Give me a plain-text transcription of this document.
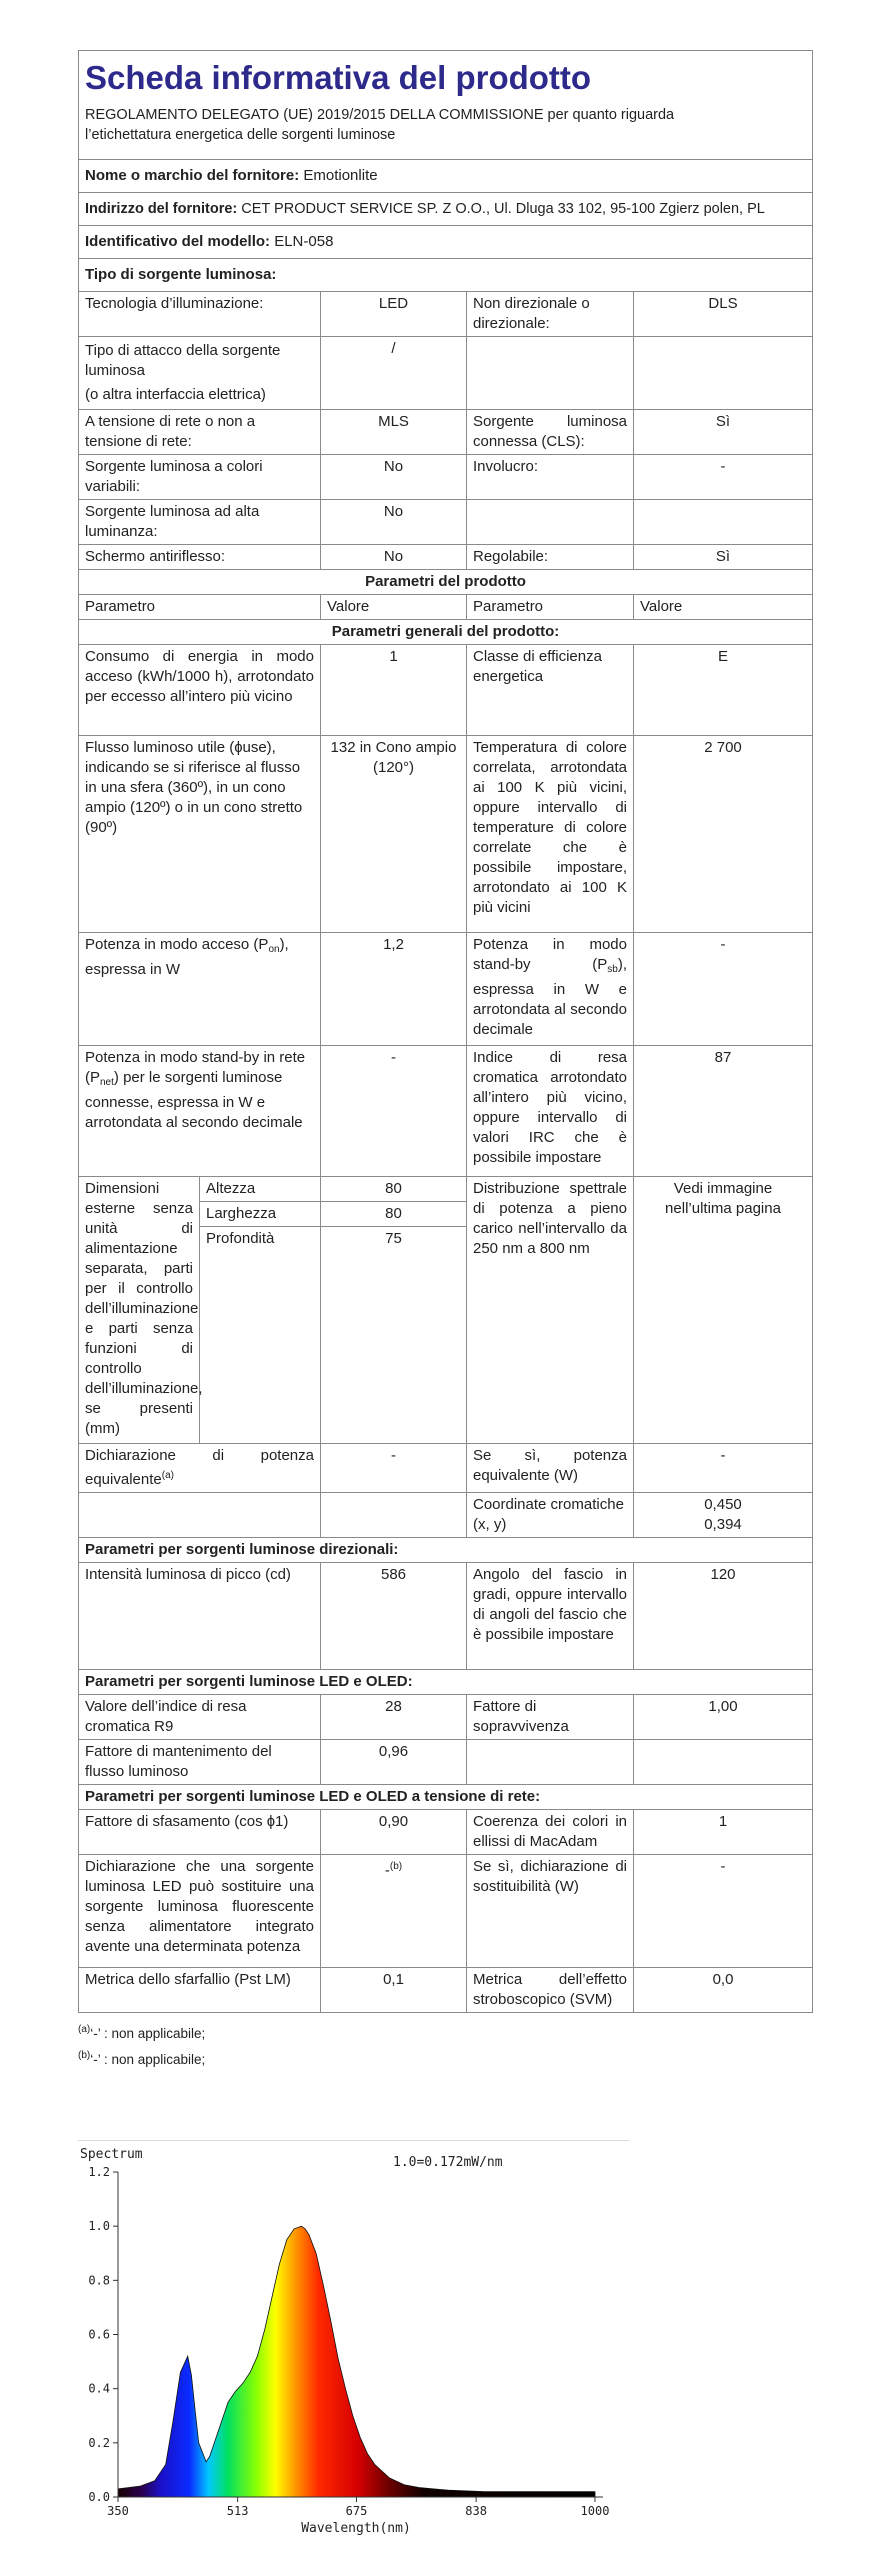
Scheda informativa del prodotto
REGOLAMENTO DELEGATO (UE) 2019/2015 DELLA COMMISSIONE per quanto riguarda
l’etichettatura energetica delle sorgenti luminose				

Nome o marchio del fornitore: Emotionlite				
Indirizzo del fornitore: CET PRODUCT SERVICE SP. Z O.O., Ul. Dluga 33 102, 95-100 Zgierz polen, PL				
Identificativo del modello: ELN-058				
Tipo di sorgente luminosa:				
Tecnologia d’illuminazione:		LED	Non direzionale o direzionale:	DLS

Tipo di attacco della sorgente luminosa
(o altra interfaccia elettrica)		/		
A tensione di rete o non a tensione di rete:		MLS	Sorgente luminosa connessa (CLS):	Sì
Sorgente luminosa a colori variabili:		No	Involucro:	-
Sorgente luminosa ad alta luminanza:		No		
Schermo antiriflesso:		No	Regolabile:	Sì
Parametri del prodotto				
Parametro		Valore	Parametro	Valore
Parametri generali del prodotto:				
Consumo di energia in modo acceso (kWh/1000 h), arrotondato per eccesso all’intero più vicino		1	Classe di efficienza energetica	E
Flusso luminoso utile (ɸuse), indicando se si riferisce al flusso in una sfera (360º), in un cono ampio (120º) o in un cono stretto (90º)		132 in Cono ampio (120°)	Temperatura di colore correlata, arrotondata ai 100 K più vicini, oppure intervallo di temperature di colore correlate che è possibile impostare, arrotondato ai 100 K più vicini	2 700
Potenza in modo acceso $(P_{on})$, espressa in W		1,2	Potenza in modo stand-by $(P_{sb})$, espressa in W e arrotondata al secondo decimale	-
Potenza in modo stand-by in rete $(P_{net})$ per le sorgenti luminose connesse, espressa in W e arrotondata al secondo decimale		-	Indice di resa cromatica arrotondato all’intero più vicino, oppure intervallo di valori IRC che è possibile impostare	87
Dimensioni esterne senza unità di alimentazione separata, parti per il controllo dell’illuminazione e parti senza funzioni di controllo dell’illuminazione, se presenti (mm)	Altezza	80	Distribuzione spettrale di potenza a pieno carico nell’intervallo da 250 nm a 800 nm	Vedi immagine nell’ultima pagina
	Larghezza	80		
	Profondità	75		
Dichiarazione di potenza equivalente$^{(a)}$		-	Se sì, potenza equivalente (W)	-
			Coordinate cromatiche (x, y)	0,450
0,394

Parametri per sorgenti luminose direzionali:				
Intensità luminosa di picco (cd)		586	Angolo del fascio in gradi, oppure intervallo di angoli del fascio che è possibile impostare	120
Parametri per sorgenti luminose LED e OLED:				
Valore dell’indice di resa cromatica R9		28	Fattore di sopravvivenza	1,00
Fattore di mantenimento del flusso luminoso		0,96		
Parametri per sorgenti luminose LED e OLED a tensione di rete:				
Fattore di sfasamento (cos ɸ1)		0,90	Coerenza dei colori in ellissi di MacAdam	1
Dichiarazione che una sorgente luminosa LED può sostituire una sorgente luminosa fluorescente senza alimentatore integrato avente una determinata potenza		-$^{(b)}$	Se sì, dichiarazione di sostituibilità (W)	-
Metrica dello sfarfallio (Pst LM)		0,1	Metrica dell’effetto stroboscopico (SVM)	0,0
$^{(a)}$‘-’ : non applicabile;
$^{(b)}$‘-’ : non applicabile;
Spectrum
1.0=0.172mW/nm
0.0
0.2
0.4
0.6
0.8
1.0
1.2
350	513	675	838	1000
Wavelength(nm)
